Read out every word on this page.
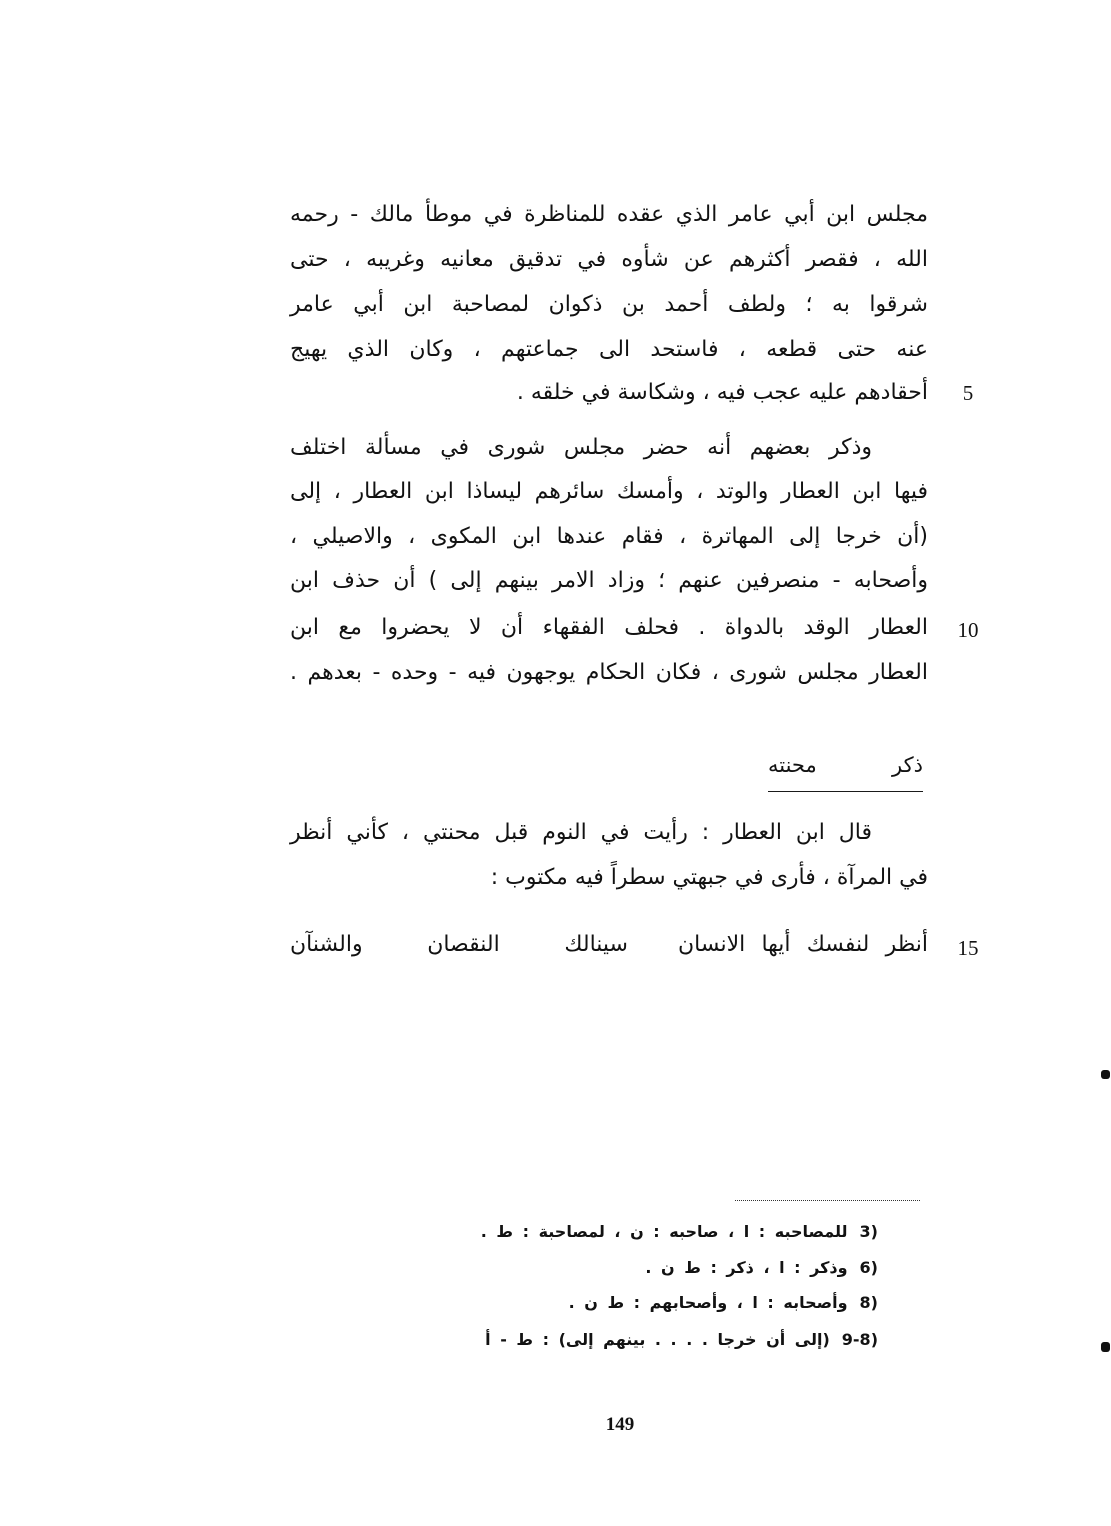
مجلس ابن أبي عامر الذي عقده للمناظرة في موطأ مالك - رحمه
الله ، فقصر أكثرهم عن شأوه في تدقيق معانيه وغريبه ، حتى
شرقوا به ؛ ولطف أحمد بن ذكوان لمصاحبة ابن أبي عامر
عنه حتى قطعه ، فاستحد الى جماعتهم ، وكان الذي يهيج
أحقادهم عليه عجب فيه ، وشكاسة في خلقه .
وذكر بعضهم أنه حضر مجلس شورى في مسألة اختلف
فيها ابن العطار والوتد ، وأمسك سائرهم ليساذا ابن العطار ، إلى
(أن خرجا إلى المهاترة ، فقام عندها ابن المكوى ، والاصيلي ،
وأصحابه - منصرفين عنهم ؛ وزاد الامر بينهم إلى ) أن حذف ابن
العطار الوقد بالدواة . فحلف الفقهاء أن لا يحضروا مع ابن
العطار مجلس شورى ، فكان الحكام يوجهون فيه - وحده - بعدهم .
ذكر محنته
قال ابن العطار : رأيت في النوم قبل محنتي ، كأني أنظر
في المرآة ، فأرى في جبهتي سطراً فيه مكتوب :
أنظر لنفسك أيها الانسان
سينالك النقصان والشنآن
5
10
15
3)للمصاحبه : ا ، صاحبه : ن ، لمصاحبة : ط .
6)وذكر : ا ، ذكر : ط ن .
8)وأصحابه : ا ، وأصحابهم : ط ن .
9-8)(إلى أن خرجا . . . . بينهم إلى) : ط - أ
149
